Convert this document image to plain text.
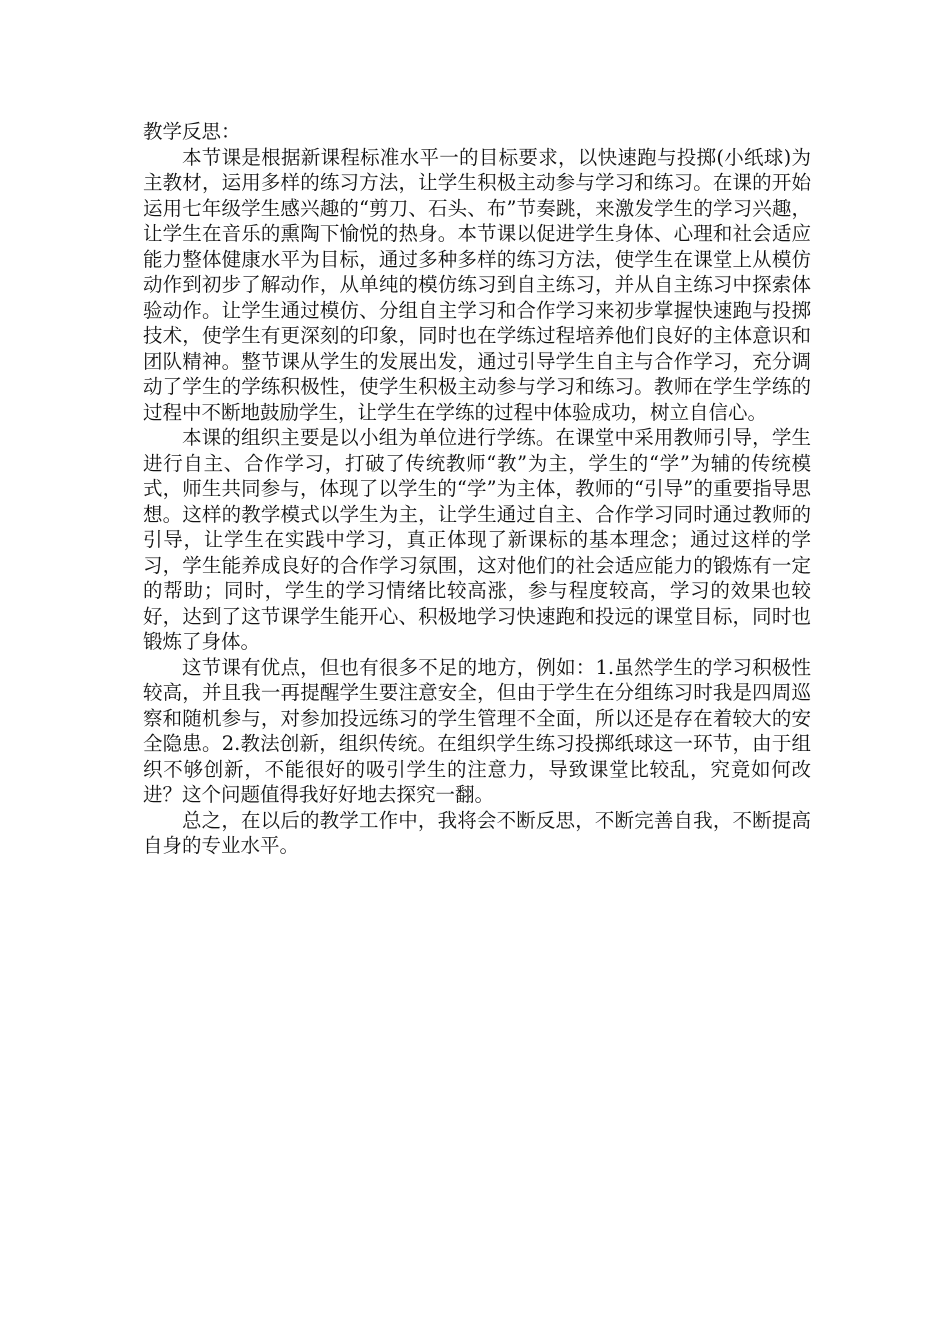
教学反思：

本节课是根据新课程标准水平一的目标要求，以快速跑与投掷(小纸球)为主教材，运用多样的练习方法，让学生积极主动参与学习和练习。在课的开始运用七年级学生感兴趣的“剪刀、石头、布”节奏跳，来激发学生的学习兴趣，让学生在音乐的熏陶下愉悦的热身。本节课以促进学生身体、心理和社会适应能力整体健康水平为目标，通过多种多样的练习方法，使学生在课堂上从模仿动作到初步了解动作，从单纯的模仿练习到自主练习，并从自主练习中探索体验动作。让学生通过模仿、分组自主学习和合作学习来初步掌握快速跑与投掷技术，使学生有更深刻的印象，同时也在学练过程培养他们良好的主体意识和团队精神。整节课从学生的发展出发，通过引导学生自主与合作学习，充分调动了学生的学练积极性，使学生积极主动参与学习和练习。教师在学生学练的过程中不断地鼓励学生，让学生在学练的过程中体验成功，树立自信心。

本课的组织主要是以小组为单位进行学练。在课堂中采用教师引导，学生进行自主、合作学习，打破了传统教师“教”为主，学生的“学”为辅的传统模式，师生共同参与，体现了以学生的“学”为主体，教师的“引导”的重要指导思想。这样的教学模式以学生为主，让学生通过自主、合作学习同时通过教师的引导，让学生在实践中学习，真正体现了新课标的基本理念；通过这样的学习，学生能养成良好的合作学习氛围，这对他们的社会适应能力的锻炼有一定的帮助；同时，学生的学习情绪比较高涨，参与程度较高，学习的效果也较好，达到了这节课学生能开心、积极地学习快速跑和投远的课堂目标，同时也锻炼了身体。

这节课有优点，但也有很多不足的地方，例如：1.虽然学生的学习积极性较高，并且我一再提醒学生要注意安全，但由于学生在分组练习时我是四周巡察和随机参与，对参加投远练习的学生管理不全面，所以还是存在着较大的安全隐患。2.教法创新，组织传统。在组织学生练习投掷纸球这一环节，由于组织不够创新，不能很好的吸引学生的注意力，导致课堂比较乱，究竟如何改进？这个问题值得我好好地去探究一翻。

总之，在以后的教学工作中，我将会不断反思，不断完善自我，不断提高自身的专业水平。
